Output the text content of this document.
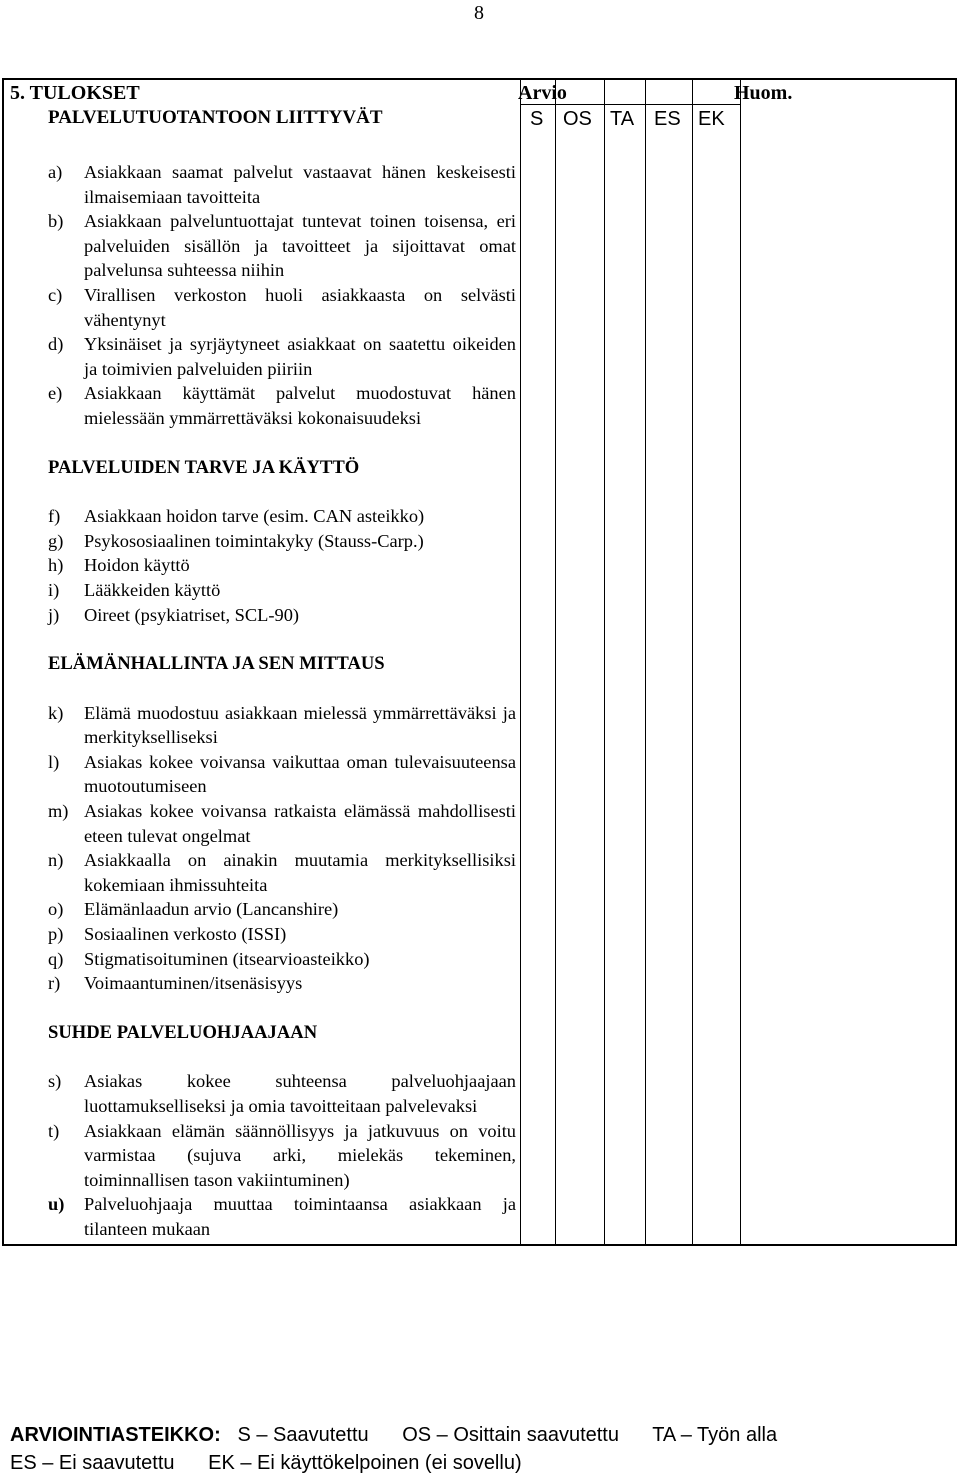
8
5. TULOKSET	Arvio	Huom.
PALVELUTUOTANTOON LIITTYVÄT	S OS TA ES EK
a)	Asiakkaan saamat palvelut vastaavat hänen keskeisesti ilmaisemiaan tavoitteita
b)	Asiakkaan palveluntuottajat tuntevat toinen toisensa, eri palveluiden sisällön ja tavoitteet ja sijoittavat omat palvelunsa suhteessa niihin
c)	Virallisen verkoston huoli asiakkaasta on selvästi vähentynyt
d)	Yksinäiset ja syrjäytyneet asiakkaat on saatettu oikeiden ja toimivien palveluiden piiriin
e)	Asiakkaan käyttämät palvelut muodostuvat hänen mielessään ymmärrettäväksi kokonaisuudeksi
PALVELUIDEN TARVE JA KÄYTTÖ
f)	Asiakkaan hoidon tarve (esim. CAN asteikko)
g)	Psykososiaalinen toimintakyky (Stauss-Carp.)
h)	Hoidon käyttö
i)	Lääkkeiden käyttö
j)	Oireet (psykiatriset, SCL-90)
ELÄMÄNHALLINTA JA SEN MITTAUS
k)	Elämä muodostuu asiakkaan mielessä ymmärrettäväksi ja merkitykselliseksi
l)	Asiakas kokee voivansa vaikuttaa oman tulevaisuuteensa muotoutumiseen
m) Asiakas kokee voivansa ratkaista elämässä mahdollisesti eteen tulevat ongelmat
n)	Asiakkaalla on ainakin muutamia merkityksellisiksi kokemiaan ihmissuhteita
o)	Elämänlaadun arvio (Lancanshire)
p)	Sosiaalinen verkosto (ISSI)
q)	Stigmatisoituminen (itsearvioasteikko)
r)	Voimaantuminen/itsenäsisyys
SUHDE PALVELUOHJAAJAAN
s)	Asiakas kokee suhteensa palveluohjaajaan luottamukselliseksi ja omia tavoitteitaan palvelevaksi
t)	Asiakkaan elämän säännöllisyys ja jatkuvuus on voitu varmistaa (sujuva arki, mielekäs tekeminen, toiminnallisen tason vakiintuminen)
u)	Palveluohjaaja muuttaa toimintaansa asiakkaan ja tilanteen mukaan
ARVIOINTIASTEIKKO: S – Saavutettu OS – Osittain saavutettu TA – Työn alla
ES – Ei saavutettu EK – Ei käyttökelpoinen (ei sovellu)
